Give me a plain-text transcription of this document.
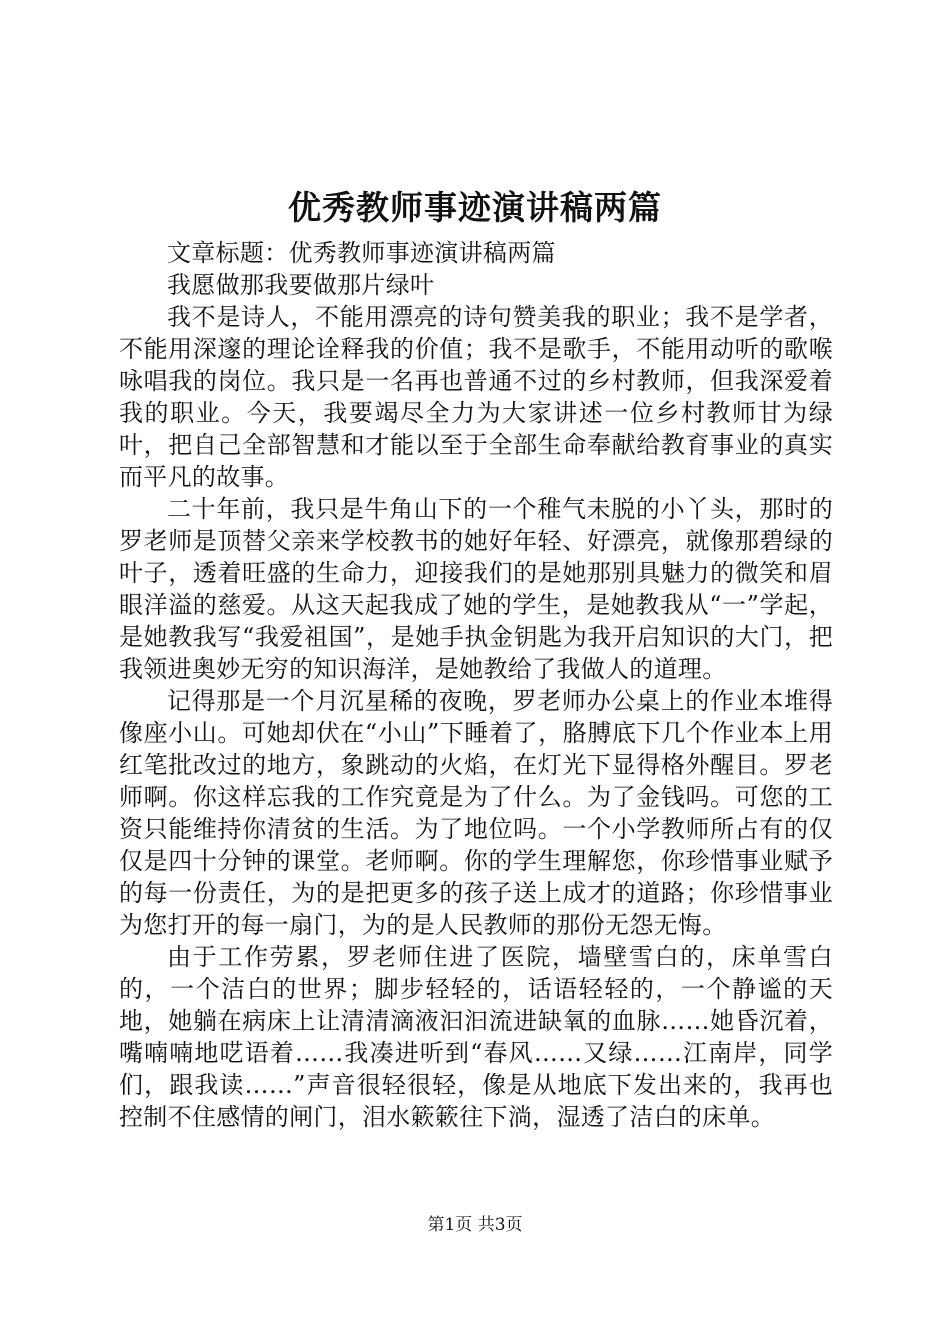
优秀教师事迹演讲稿两篇

文章标题：优秀教师事迹演讲稿两篇

我愿做那我要做那片绿叶

我不是诗人，不能用漂亮的诗句赞美我的职业；我不是学者，不能用深邃的理论诠释我的价值；我不是歌手，不能用动听的歌喉咏唱我的岗位。我只是一名再也普通不过的乡村教师，但我深爱着我的职业。今天，我要竭尽全力为大家讲述一位乡村教师甘为绿叶，把自己全部智慧和才能以至于全部生命奉献给教育事业的真实而平凡的故事。

二十年前，我只是牛角山下的一个稚气未脱的小丫头，那时的罗老师是顶替父亲来学校教书的她好年轻、好漂亮，就像那碧绿的叶子，透着旺盛的生命力，迎接我们的是她那别具魅力的微笑和眉眼洋溢的慈爱。从这天起我成了她的学生，是她教我从“一”学起，是她教我写“我爱祖国”，是她手执金钥匙为我开启知识的大门，把我领进奥妙无穷的知识海洋，是她教给了我做人的道理。

记得那是一个月沉星稀的夜晚，罗老师办公桌上的作业本堆得像座小山。可她却伏在“小山”下睡着了，胳膊底下几个作业本上用红笔批改过的地方，象跳动的火焰，在灯光下显得格外醒目。罗老师啊。你这样忘我的工作究竟是为了什么。为了金钱吗。可您的工资只能维持你清贫的生活。为了地位吗。一个小学教师所占有的仅仅是四十分钟的课堂。老师啊。你的学生理解您，你珍惜事业赋予的每一份责任，为的是把更多的孩子送上成才的道路；你珍惜事业为您打开的每一扇门，为的是人民教师的那份无怨无悔。

由于工作劳累，罗老师住进了医院，墙壁雪白的，床单雪白的，一个洁白的世界；脚步轻轻的，话语轻轻的，一个静谧的天地，她躺在病床上让清清滴液汩汩流进缺氧的血脉……她昏沉着，嘴喃喃地呓语着……我凑进听到“春风……又绿……江南岸，同学们，跟我读……”声音很轻很轻，像是从地底下发出来的，我再也控制不住感情的闸门，泪水簌簌往下淌，湿透了洁白的床单。

第1页 共3页
